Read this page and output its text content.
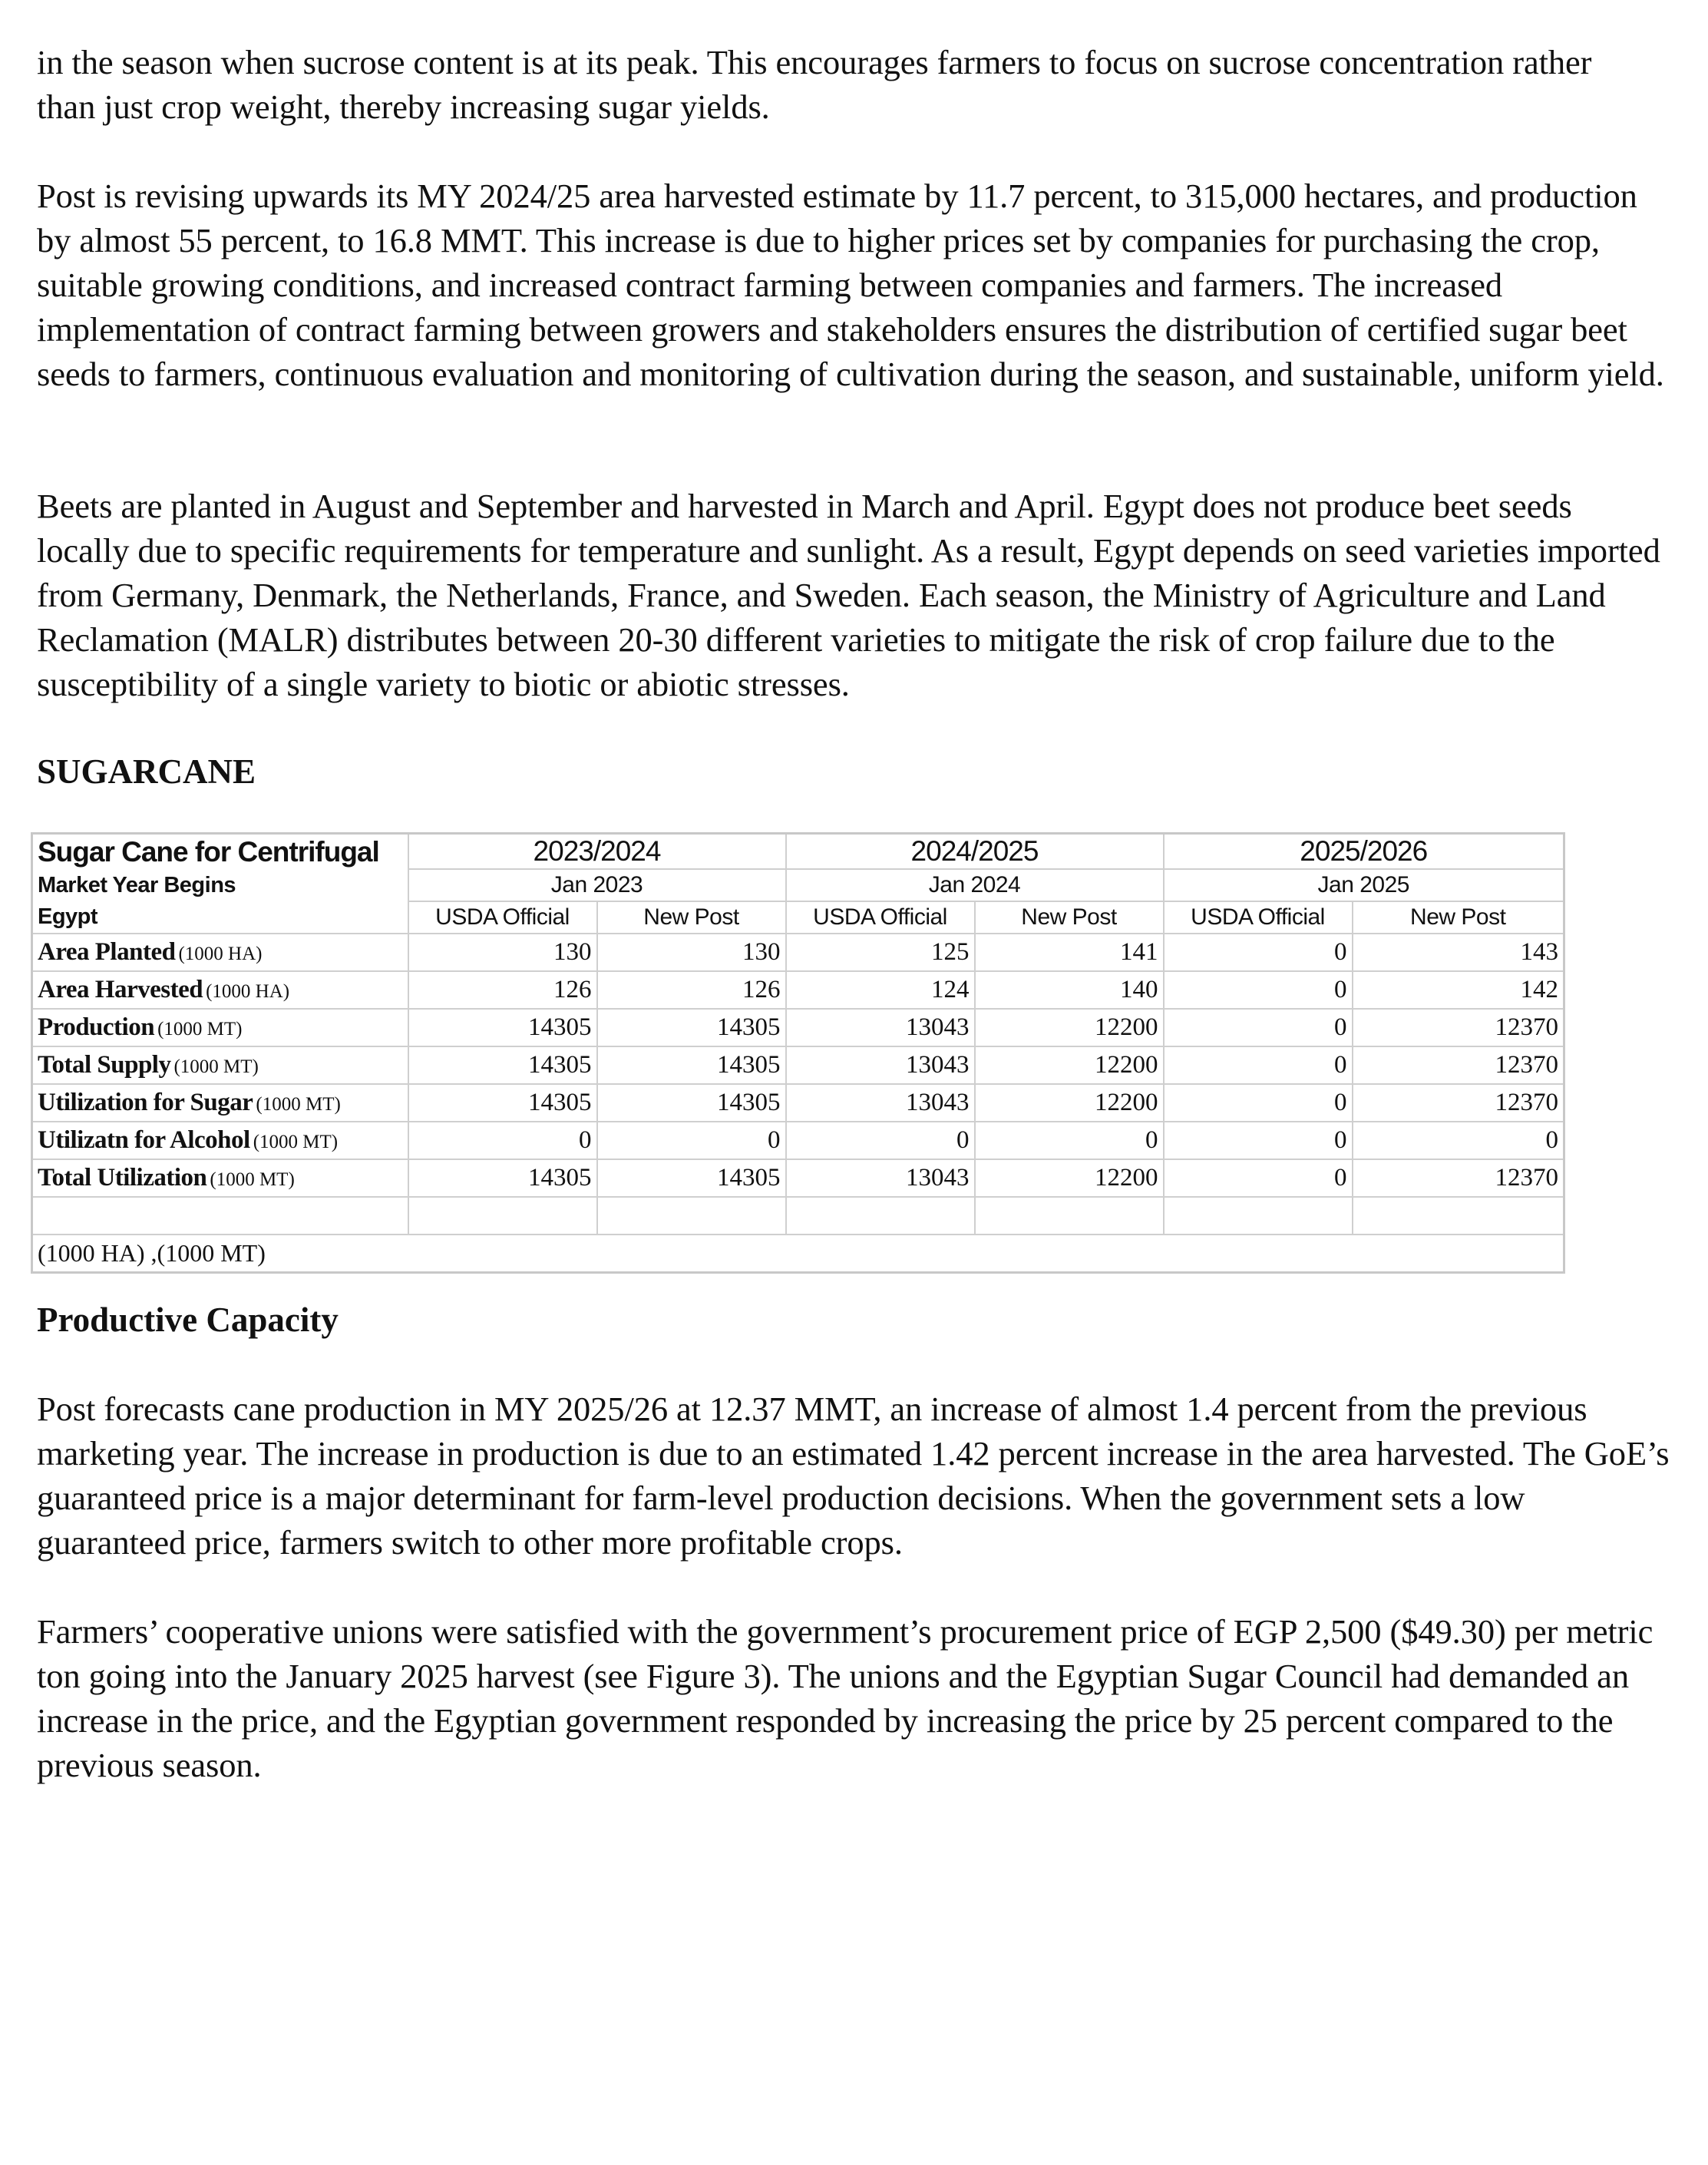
in the season when sucrose content is at its peak. This encourages farmers to focus on sucrose concentration rather than just crop weight, thereby increasing sugar yields.

Post is revising upwards its MY 2024/25 area harvested estimate by 11.7 percent, to 315,000 hectares, and production by almost 55 percent, to 16.8 MMT. This increase is due to higher prices set by companies for purchasing the crop, suitable growing conditions, and increased contract farming between companies and farmers. The increased implementation of contract farming between growers and stakeholders ensures the distribution of certified sugar beet seeds to farmers, continuous evaluation and monitoring of cultivation during the season, and sustainable, uniform yield.

Beets are planted in August and September and harvested in March and April. Egypt does not produce beet seeds locally due to specific requirements for temperature and sunlight. As a result, Egypt depends on seed varieties imported from Germany, Denmark, the Netherlands, France, and Sweden. Each season, the Ministry of Agriculture and Land Reclamation (MALR) distributes between 20-30 different varieties to mitigate the risk of crop failure due to the susceptibility of a single variety to biotic or abiotic stresses.

SUGARCANE
Sugar Cane for Centrifugal	2023/2024		2024/2025		2025/2026	
Market Year Begins	Jan 2023		Jan 2024		Jan 2025	
Egypt	USDA Official	New Post	USDA Official	New Post	USDA Official	New Post
Area Planted (1000 HA)	130	130	125	141	0	143
Area Harvested (1000 HA)	126	126	124	140	0	142
Production (1000 MT)	14305	14305	13043	12200	0	12370
Total Supply (1000 MT)	14305	14305	13043	12200	0	12370
Utilization for Sugar (1000 MT)	14305	14305	13043	12200	0	12370
Utilizatn for Alcohol (1000 MT)	0	0	0	0	0	0
Total Utilization (1000 MT)	14305	14305	13043	12200	0	12370

(1000 HA) ,(1000 MT)						
Productive Capacity

Post forecasts cane production in MY 2025/26 at 12.37 MMT, an increase of almost 1.4 percent from the previous marketing year. The increase in production is due to an estimated 1.42 percent increase in the area harvested. The GoE’s guaranteed price is a major determinant for farm-level production decisions. When the government sets a low guaranteed price, farmers switch to other more profitable crops.

Farmers’ cooperative unions were satisfied with the government’s procurement price of EGP 2,500 ($49.30) per metric ton going into the January 2025 harvest (see Figure 3). The unions and the Egyptian Sugar Council had demanded an increase in the price, and the Egyptian government responded by increasing the price by 25 percent compared to the previous season.
